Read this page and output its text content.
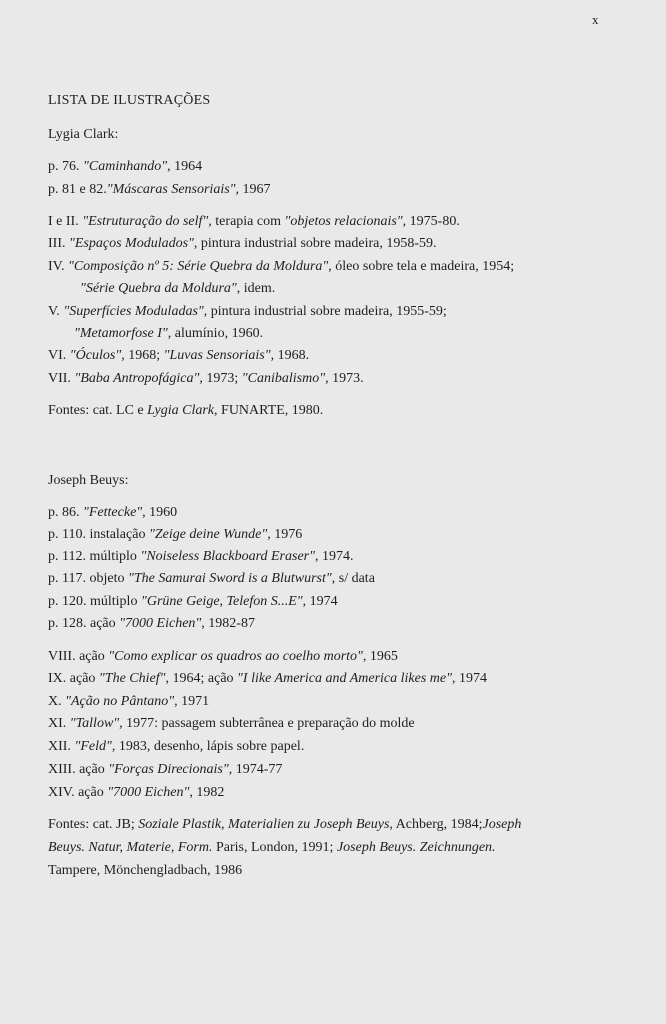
x
LISTA DE ILUSTRAÇÕES
Lygia Clark:
p. 76. "Caminhando", 1964
p. 81 e 82."Máscaras Sensoriais", 1967
I e II. "Estruturação do self", terapia com "objetos relacionais", 1975-80.
III. "Espaços Modulados", pintura industrial sobre madeira, 1958-59.
IV. "Composição nº 5: Série Quebra da Moldura", óleo sobre tela e madeira, 1954;
"Série Quebra da Moldura", idem.
V. "Superfícies Moduladas", pintura industrial sobre madeira, 1955-59;
"Metamorfose I", alumínio, 1960.
VI. "Óculos", 1968; "Luvas Sensoriais", 1968.
VII. "Baba Antropofágica", 1973; "Canibalismo", 1973.
Fontes: cat. LC e Lygia Clark, FUNARTE, 1980.
Joseph Beuys:
p. 86. "Fettecke", 1960
p. 110. instalação "Zeige deine Wunde", 1976
p. 112. múltiplo "Noiseless Blackboard Eraser", 1974.
p. 117. objeto "The Samurai Sword is a Blutwurst", s/ data
p. 120. múltiplo "Grüne Geige, Telefon S...E", 1974
p. 128. ação "7000 Eichen", 1982-87
VIII. ação "Como explicar os quadros ao coelho morto", 1965
IX. ação "The Chief", 1964; ação "I like America and America likes me", 1974
X. "Ação no Pântano", 1971
XI. "Tallow", 1977: passagem subterrânea e preparação do molde
XII. "Feld", 1983, desenho, lápis sobre papel.
XIII. ação "Forças Direcionais", 1974-77
XIV. ação "7000 Eichen", 1982
Fontes: cat. JB; Soziale Plastik, Materialien zu Joseph Beuys, Achberg, 1984;Joseph
Beuys. Natur, Materie, Form. Paris, London, 1991; Joseph Beuys. Zeichnungen.
Tampere, Mönchengladbach, 1986
